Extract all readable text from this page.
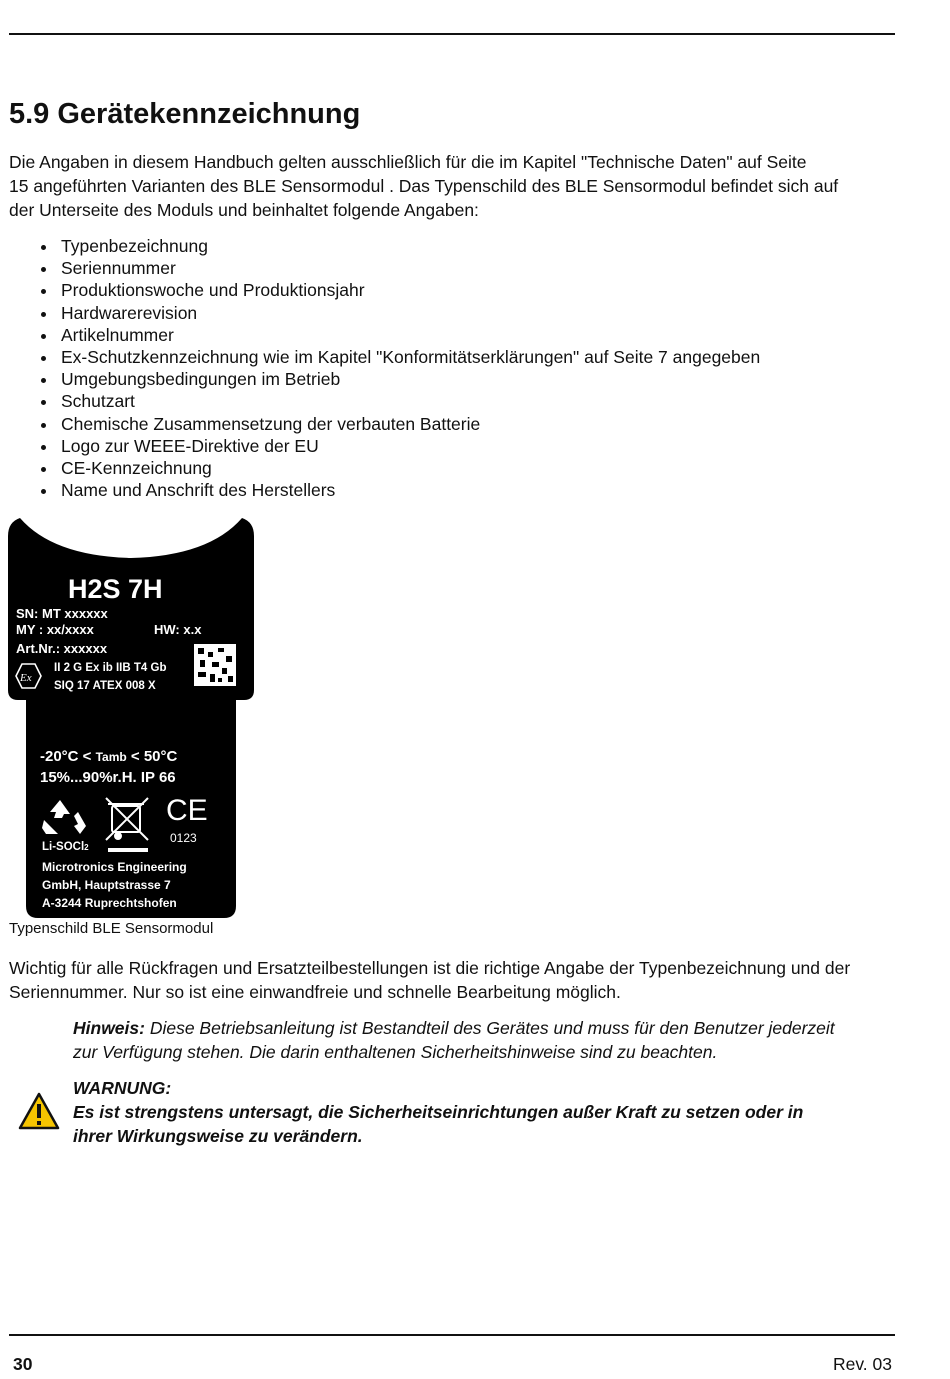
5.9 Gerätekennzeichnung

Die Angaben in diesem Handbuch gelten ausschließlich für die im Kapitel "Technische Daten" auf Seite
15 angeführten Varianten des BLE Sensormodul . Das Typenschild des BLE Sensormodul befindet sich auf
der Unterseite des Moduls und beinhaltet folgende Angaben:

Typenbezeichnung
Seriennummer
Produktionswoche und Produktionsjahr
Hardwarerevision
Artikelnummer
Ex-Schutzkennzeichnung wie im Kapitel "Konformitätserklärungen" auf Seite 7 angegeben
Umgebungsbedingungen im Betrieb
Schutzart
Chemische Zusammensetzung der verbauten Batterie
Logo zur WEEE-Direktive der EU
CE-Kennzeichnung
Name und Anschrift des Herstellers
H2S 7H
SN: MT xxxxxx
MY : xx/xxxx	HW: x.x
Art.Nr.: xxxxxx
Ex
II 2 G Ex ib IIB T4 Gb
SIQ 17 ATEX 008 X
-20°C < Tamb < 50°C
15%...90%r.H. IP 66
CE
0123
Li-SOCl2
Microtronics Engineering
GmbH, Hauptstrasse 7
A-3244 Ruprechtshofen
Typenschild BLE Sensormodul

Wichtig für alle Rückfragen und Ersatzteilbestellungen ist die richtige Angabe der Typenbezeichnung und der
Seriennummer. Nur so ist eine einwandfreie und schnelle Bearbeitung möglich.

Hinweis: Diese Betriebsanleitung ist Bestandteil des Gerätes und muss für den Benutzer jederzeit
zur Verfügung stehen. Die darin enthaltenen Sicherheitshinweise sind zu beachten.
WARNUNG:
Es ist strengstens untersagt, die Sicherheitseinrichtungen außer Kraft zu setzen oder in
ihrer Wirkungsweise zu verändern.
30	Rev. 03
